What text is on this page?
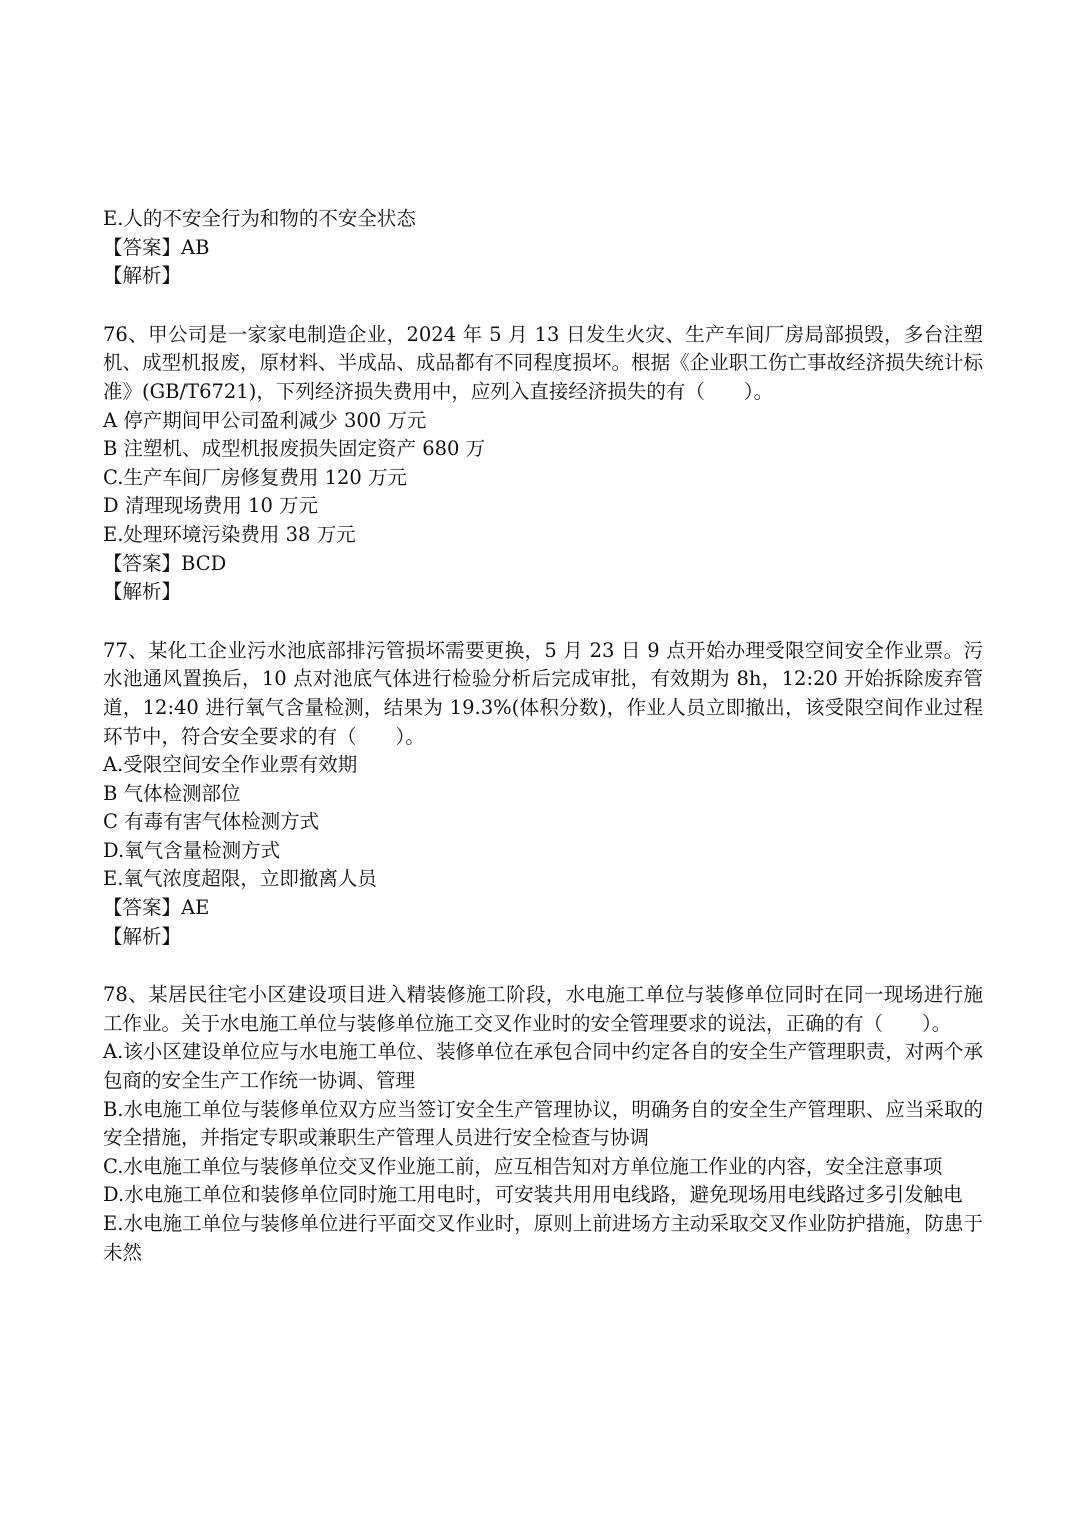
E.人的不安全行为和物的不安全状态

【答案】AB

【解析】

76、甲公司是一家家电制造企业，2024 年 5 月 13 日发生火灾、生产车间厂房局部损毁，多台注塑机、成型机报废，原材料、半成品、成品都有不同程度损坏。根据《企业职工伤亡事故经济损失统计标准》(GB/T6721)，下列经济损失费用中，应列入直接经济损失的有（　　）。

A 停产期间甲公司盈利减少 300 万元

B 注塑机、成型机报废损失固定资产 680 万

C.生产车间厂房修复费用 120 万元

D 清理现场费用 10 万元

E.处理环境污染费用 38 万元

【答案】BCD

【解析】

77、某化工企业污水池底部排污管损坏需要更换，5 月 23 日 9 点开始办理受限空间安全作业票。污水池通风置换后，10 点对池底气体进行检验分析后完成审批，有效期为 8h，12:20 开始拆除废弃管道，12:40 进行氧气含量检测，结果为 19.3%(体积分数)，作业人员立即撤出，该受限空间作业过程环节中，符合安全要求的有（　　）。

A.受限空间安全作业票有效期

B 气体检测部位

C 有毒有害气体检测方式

D.氧气含量检测方式

E.氧气浓度超限，立即撤离人员

【答案】AE

【解析】

78、某居民往宅小区建设项目进入精装修施工阶段，水电施工单位与装修单位同时在同一现场进行施工作业。关于水电施工单位与装修单位施工交叉作业时的安全管理要求的说法，正确的有（　　）。

A.该小区建设单位应与水电施工单位、装修单位在承包合同中约定各自的安全生产管理职责，对两个承包商的安全生产工作统一协调、管理

B.水电施工单位与装修单位双方应当签订安全生产管理协议，明确务自的安全生产管理职、应当采取的安全措施，并指定专职或兼职生产管理人员进行安全检查与协调

C.水电施工单位与装修单位交叉作业施工前，应互相告知对方单位施工作业的内容，安全注意事项

D.水电施工单位和装修单位同时施工用电时，可安装共用用电线路，避免现场用电线路过多引发触电

E.水电施工单位与装修单位进行平面交叉作业时，原则上前进场方主动采取交叉作业防护措施，防患于未然
